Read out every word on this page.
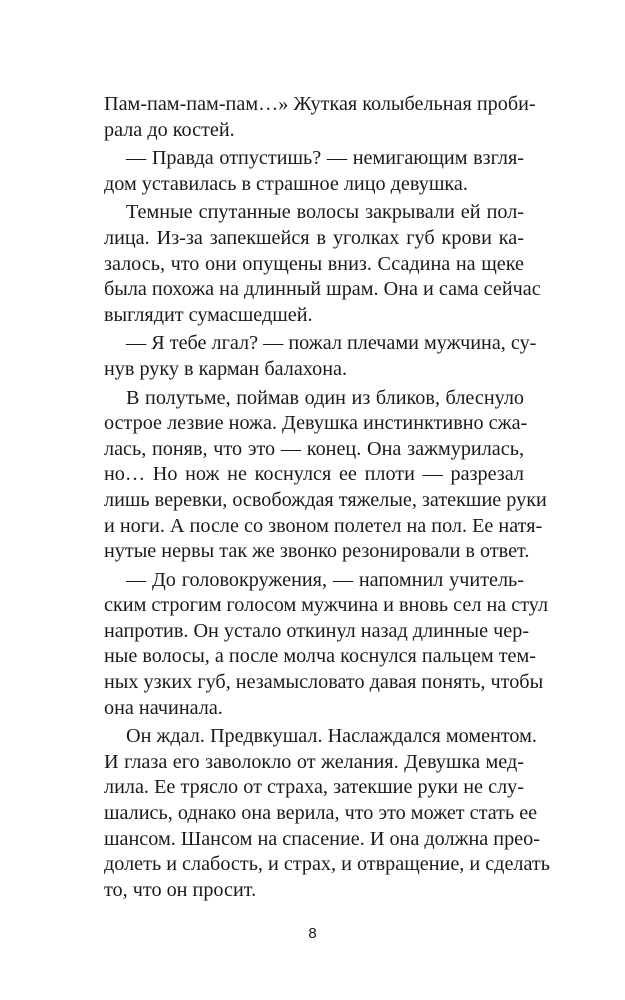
Пам-пам-пам-пам…» Жуткая колыбельная проби-
рала до костей.
— Правда отпустишь? — немигающим взгля-
дом уставилась в страшное лицо девушка.
Темные спутанные волосы закрывали ей пол-
лица. Из-за запекшейся в уголках губ крови ка-
залось, что они опущены вниз. Ссадина на щеке
была похожа на длинный шрам. Она и сама сейчас
выглядит сумасшедшей.
— Я тебе лгал? — пожал плечами мужчина, су-
нув руку в карман балахона.
В полутьме, поймав один из бликов, блеснуло
острое лезвие ножа. Девушка инстинктивно сжа-
лась, поняв, что это — конец. Она зажмурилась,
но… Но нож не коснулся ее плоти — разрезал
лишь веревки, освобождая тяжелые, затекшие руки
и ноги. А после со звоном полетел на пол. Ее натя-
нутые нервы так же звонко резонировали в ответ.
— До головокружения, — напомнил учитель-
ским строгим голосом мужчина и вновь сел на стул
напротив. Он устало откинул назад длинные чер-
ные волосы, а после молча коснулся пальцем тем-
ных узких губ, незамысловато давая понять, чтобы
она начинала.
Он ждал. Предвкушал. Наслаждался моментом.
И глаза его заволокло от желания. Девушка мед-
лила. Ее трясло от страха, затекшие руки не слу-
шались, однако она верила, что это может стать ее
шансом. Шансом на спасение. И она должна прео-
долеть и слабость, и страх, и отвращение, и сделать
то, что он просит.
8
